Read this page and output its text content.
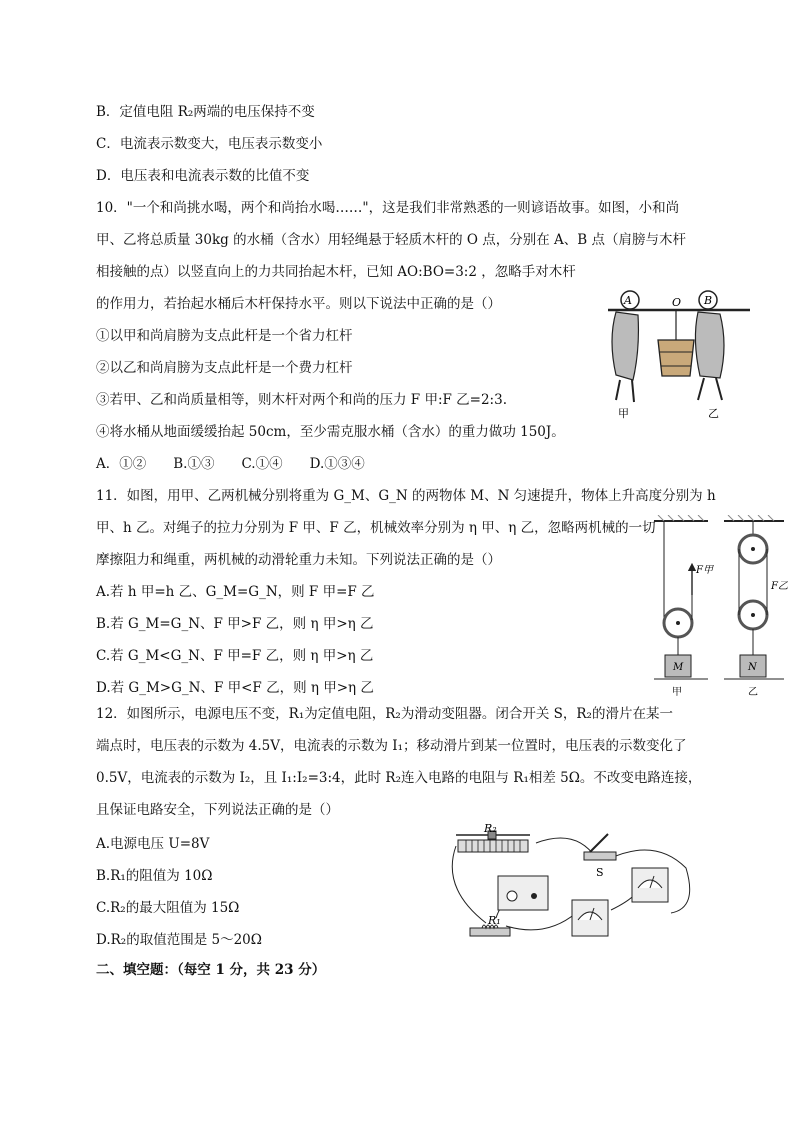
B．定值电阻 R₂两端的电压保持不变
C．电流表示数变大，电压表示数变小
D．电压表和电流表示数的比值不变
10．"一个和尚挑水喝，两个和尚抬水喝……"，这是我们非常熟悉的一则谚语故事。如图，小和尚
甲、乙将总质量 30kg 的水桶（含水）用轻绳悬于轻质木杆的 O 点，分别在 A、B 点（肩膀与木杆
相接触的点）以竖直向上的力共同抬起木杆，已知 AO:BO=3:2 ，忽略手对木杆
的作用力，若抬起水桶后木杆保持水平。则以下说法中正确的是（）
①以甲和尚肩膀为支点此杆是一个省力杠杆
②以乙和尚肩膀为支点此杆是一个费力杠杆
③若甲、乙和尚质量相等，则木杆对两个和尚的压力 F 甲:F 乙=2:3.
④将水桶从地面缓缓抬起 50cm，至少需克服水桶（含水）的重力做功 150J。
A．①②　　B.①③　　C.①④　　D.①③④
A	O B
甲	乙
11．如图，用甲、乙两机械分别将重为 G_M、G_N 的两物体 M、N 匀速提升，物体上升高度分别为 h
甲、h 乙。对绳子的拉力分别为 F 甲、F 乙，机械效率分别为 η 甲、η 乙，忽略两机械的一切
摩擦阻力和绳重，两机械的动滑轮重力未知。下列说法正确的是（）
A.若 h 甲=h 乙、G_M=G_N，则 F 甲=F 乙
B.若 G_M=G_N、F 甲>F 乙，则 η 甲>η 乙
C.若 G_M<G_N、F 甲=F 乙，则 η 甲>η 乙
D.若 G_M>G_N、F 甲<F 乙，则 η 甲>η 乙
F甲
F乙
M	N
甲	乙
12．如图所示，电源电压不变，R₁为定值电阻，R₂为滑动变阻器。闭合开关 S，R₂的滑片在某一
端点时，电压表的示数为 4.5V，电流表的示数为 I₁；移动滑片到某一位置时，电压表的示数变化了
0.5V，电流表的示数为 I₂，且 I₁:I₂=3:4，此时 R₂连入电路的电阻与 R₁相差 5Ω。不改变电路连接，
且保证电路安全，下列说法正确的是（）
A.电源电压 U=8V
B.R₁的阻值为 10Ω
C.R₂的最大阻值为 15Ω
D.R₂的取值范围是 5～20Ω
R₂
R₁
S
二、填空题：（每空 1 分，共 23 分）
